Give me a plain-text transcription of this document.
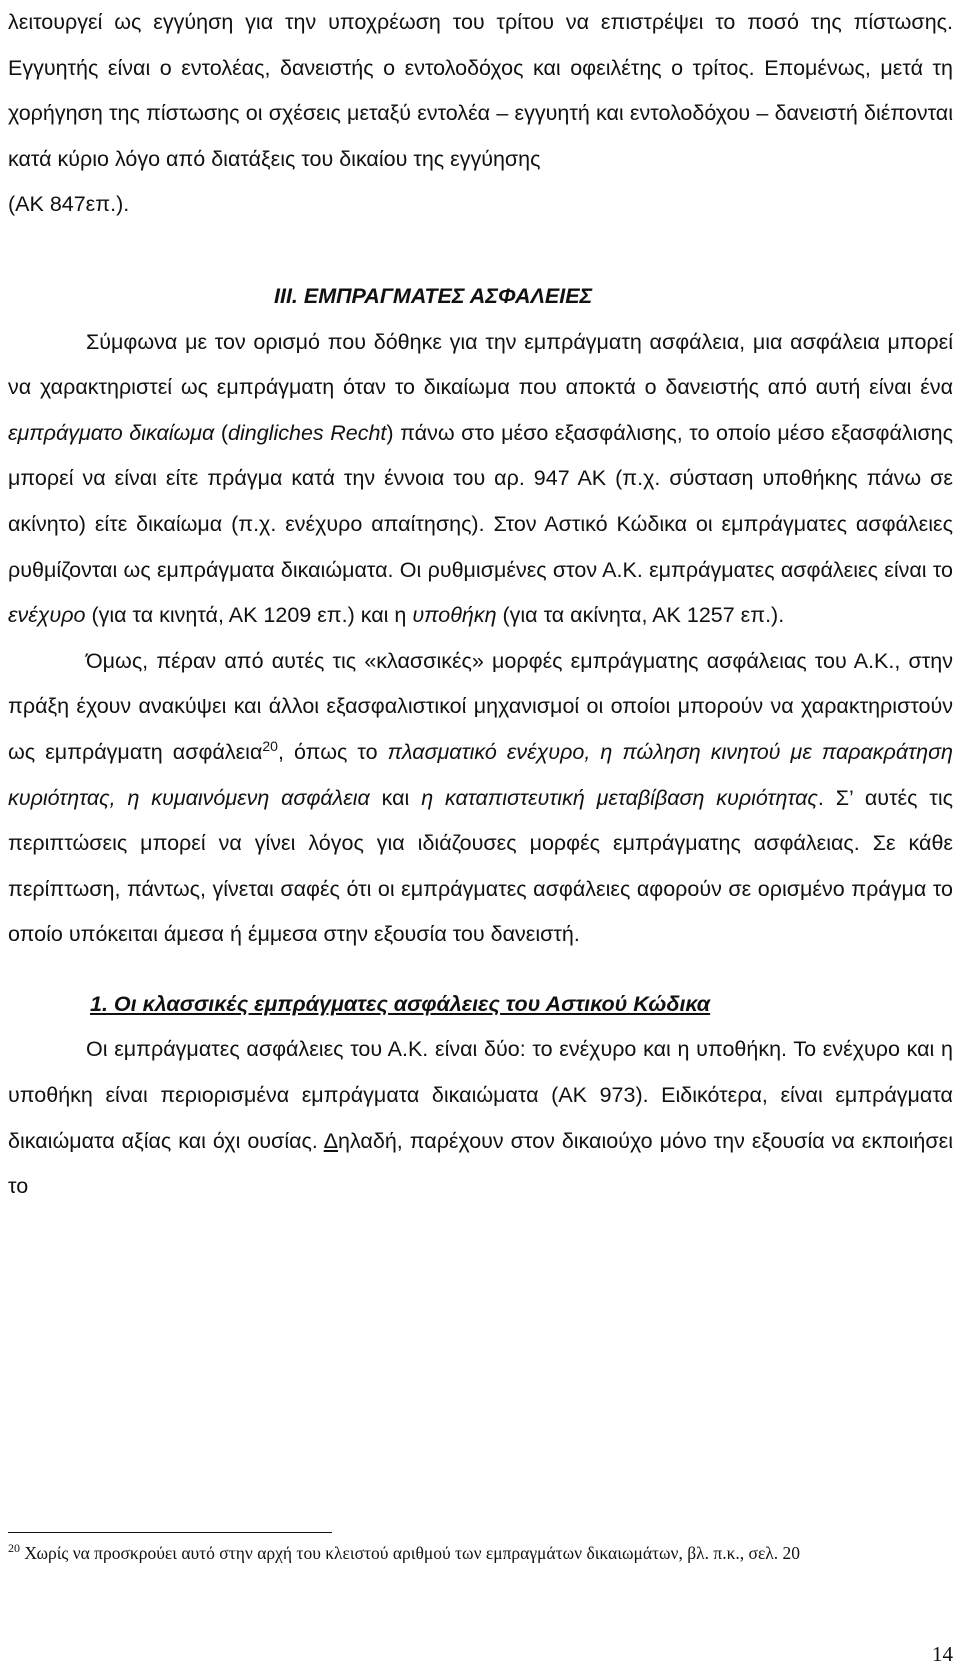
λειτουργεί ως εγγύηση για την υποχρέωση του τρίτου να επιστρέψει το ποσό της πίστωσης. Εγγυητής είναι ο εντολέας, δανειστής ο εντολοδόχος και οφειλέτης ο τρίτος. Επομένως, μετά τη χορήγηση της πίστωσης οι σχέσεις μεταξύ εντολέα – εγγυητή και εντολοδόχου – δανειστή διέπονται κατά κύριο λόγο από διατάξεις του δικαίου της εγγύησης
(ΑΚ 847επ.).

ΙΙΙ. ΕΜΠΡΑΓΜΑΤΕΣ ΑΣΦΑΛΕΙΕΣ

Σύμφωνα με τον ορισμό που δόθηκε για την εμπράγματη ασφάλεια, μια ασφάλεια μπορεί να χαρακτηριστεί ως εμπράγματη όταν το δικαίωμα που αποκτά ο δανειστής από αυτή είναι ένα εμπράγματο δικαίωμα (dingliches Recht) πάνω στο μέσο εξασφάλισης, το οποίο μέσο εξασφάλισης μπορεί να είναι είτε πράγμα κατά την έννοια του αρ. 947 ΑΚ (π.χ. σύσταση υποθήκης πάνω σε ακίνητο) είτε δικαίωμα (π.χ. ενέχυρο απαίτησης). Στον Αστικό Κώδικα οι εμπράγματες ασφάλειες ρυθμίζονται ως εμπράγματα δικαιώματα. Οι ρυθμισμένες στον Α.Κ. εμπράγματες ασφάλειες είναι το ενέχυρο (για τα κινητά, ΑΚ 1209 επ.) και η υποθήκη (για τα ακίνητα, ΑΚ 1257 επ.).

Όμως, πέραν από αυτές τις «κλασσικές» μορφές εμπράγματης ασφάλειας του Α.Κ., στην πράξη έχουν ανακύψει και άλλοι εξασφαλιστικοί μηχανισμοί οι οποίοι μπορούν να χαρακτηριστούν ως εμπράγματη ασφάλεια$^{20}$, όπως το πλασματικό ενέχυρο, η πώληση κινητού με παρακράτηση κυριότητας, η κυμαινόμενη ασφάλεια και η καταπιστευτική μεταβίβαση κυριότητας. Σ’ αυτές τις περιπτώσεις μπορεί να γίνει λόγος για ιδιάζουσες μορφές εμπράγματης ασφάλειας. Σε κάθε περίπτωση, πάντως, γίνεται σαφές ότι οι εμπράγματες ασφάλειες αφορούν σε ορισμένο πράγμα το οποίο υπόκειται άμεσα ή έμμεσα στην εξουσία του δανειστή.

1. Οι κλασσικές εμπράγματες ασφάλειες του Αστικού Κώδικα

Οι εμπράγματες ασφάλειες του Α.Κ. είναι δύο: το ενέχυρο και η υποθήκη. Το ενέχυρο και η υποθήκη είναι περιορισμένα εμπράγματα δικαιώματα (ΑΚ 973). Ειδικότερα, είναι εμπράγματα δικαιώματα αξίας και όχι ουσίας. Δηλαδή, παρέχουν στον δικαιούχο μόνο την εξουσία να εκποιήσει το

$^{20}$ Χωρίς να προσκρούει αυτό στην αρχή του κλειστού αριθμού των εμπραγμάτων δικαιωμάτων, βλ. π.κ., σελ. 20

14
